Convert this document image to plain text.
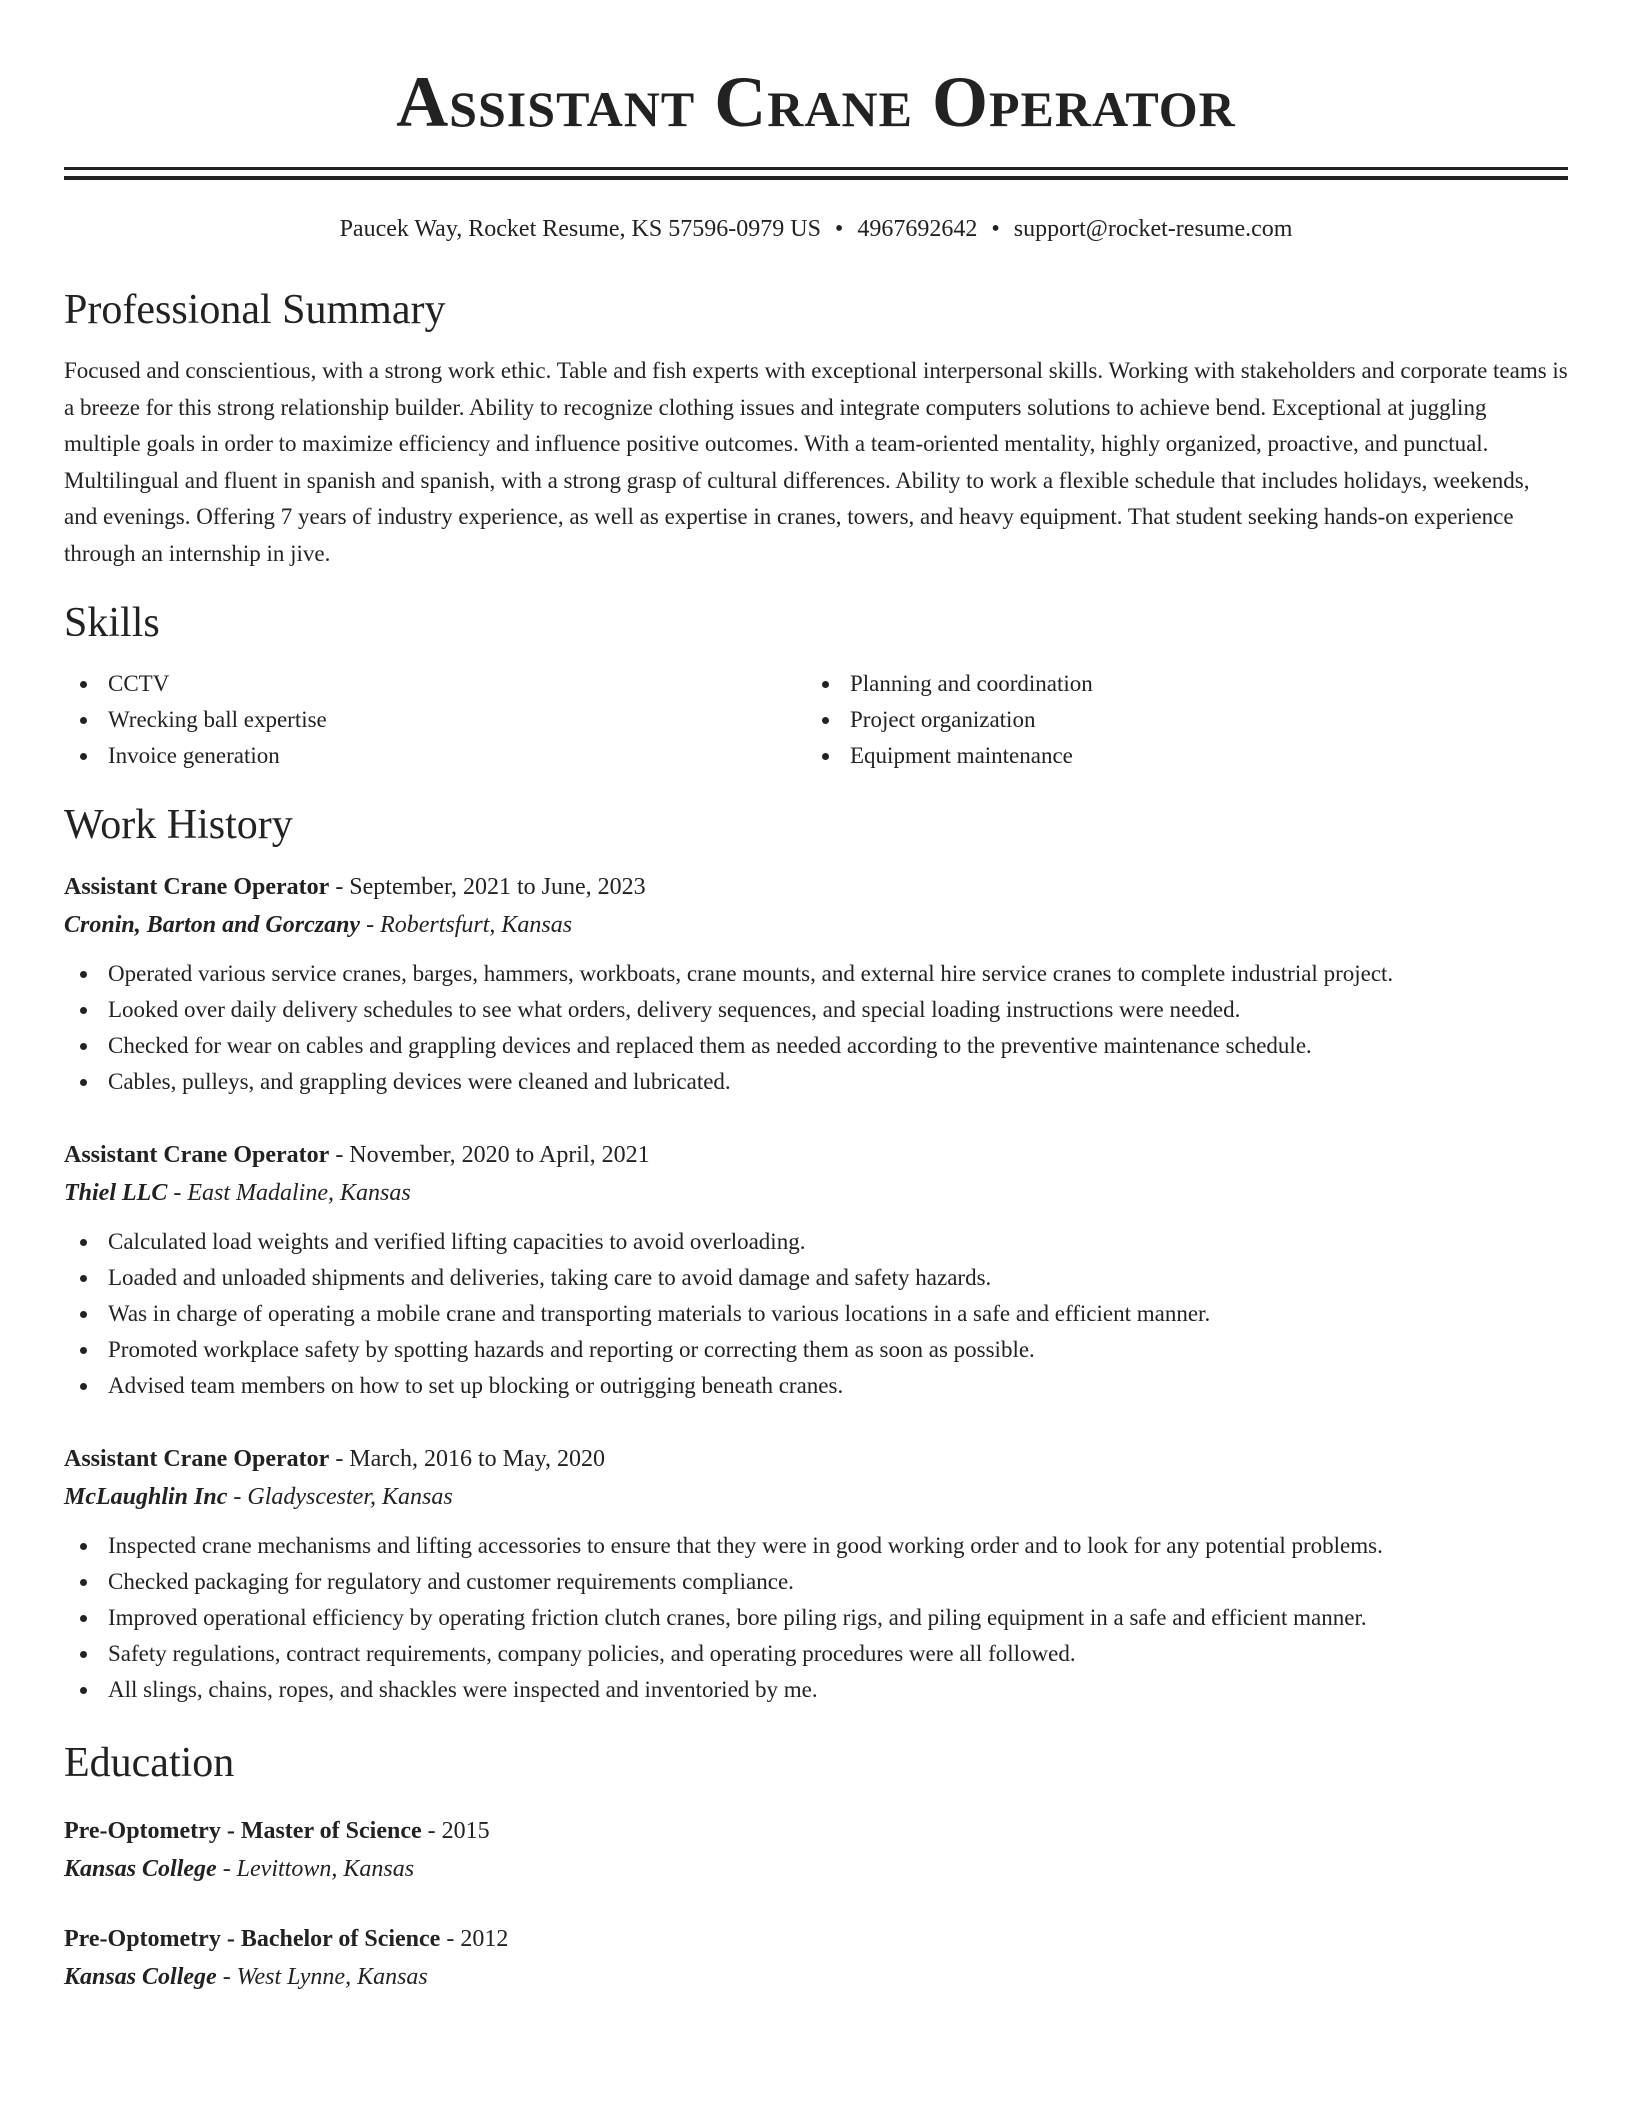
Assistant Crane Operator
Paucek Way, Rocket Resume, KS 57596-0979 US • 4967692642 • support@rocket-resume.com
Professional Summary
Focused and conscientious, with a strong work ethic. Table and fish experts with exceptional interpersonal skills. Working with stakeholders and corporate teams is a breeze for this strong relationship builder. Ability to recognize clothing issues and integrate computers solutions to achieve bend. Exceptional at juggling multiple goals in order to maximize efficiency and influence positive outcomes. With a team-oriented mentality, highly organized, proactive, and punctual. Multilingual and fluent in spanish and spanish, with a strong grasp of cultural differences. Ability to work a flexible schedule that includes holidays, weekends, and evenings. Offering 7 years of industry experience, as well as expertise in cranes, towers, and heavy equipment. That student seeking hands-on experience through an internship in jive.
Skills
CCTV
Wrecking ball expertise
Invoice generation
Planning and coordination
Project organization
Equipment maintenance
Work History
Assistant Crane Operator - September, 2021 to June, 2023
Cronin, Barton and Gorczany - Robertsfurt, Kansas
Operated various service cranes, barges, hammers, workboats, crane mounts, and external hire service cranes to complete industrial project.
Looked over daily delivery schedules to see what orders, delivery sequences, and special loading instructions were needed.
Checked for wear on cables and grappling devices and replaced them as needed according to the preventive maintenance schedule.
Cables, pulleys, and grappling devices were cleaned and lubricated.
Assistant Crane Operator - November, 2020 to April, 2021
Thiel LLC - East Madaline, Kansas
Calculated load weights and verified lifting capacities to avoid overloading.
Loaded and unloaded shipments and deliveries, taking care to avoid damage and safety hazards.
Was in charge of operating a mobile crane and transporting materials to various locations in a safe and efficient manner.
Promoted workplace safety by spotting hazards and reporting or correcting them as soon as possible.
Advised team members on how to set up blocking or outrigging beneath cranes.
Assistant Crane Operator - March, 2016 to May, 2020
McLaughlin Inc - Gladyscester, Kansas
Inspected crane mechanisms and lifting accessories to ensure that they were in good working order and to look for any potential problems.
Checked packaging for regulatory and customer requirements compliance.
Improved operational efficiency by operating friction clutch cranes, bore piling rigs, and piling equipment in a safe and efficient manner.
Safety regulations, contract requirements, company policies, and operating procedures were all followed.
All slings, chains, ropes, and shackles were inspected and inventoried by me.
Education
Pre-Optometry - Master of Science - 2015
Kansas College - Levittown, Kansas
Pre-Optometry - Bachelor of Science - 2012
Kansas College - West Lynne, Kansas
